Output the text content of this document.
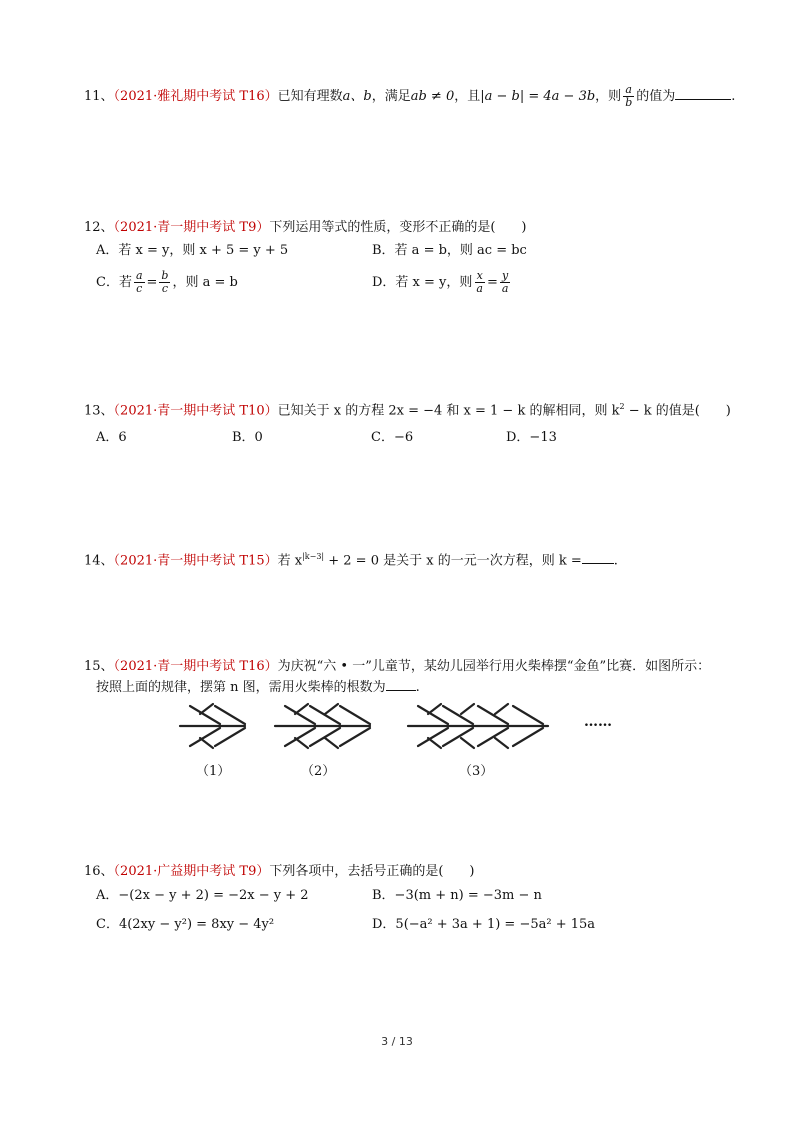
11、（2021·雅礼期中考试 T16）已知有理数a、b，满足ab ≠ 0，且|a − b| = 4a − 3b，则 $\frac{a}{b}$ 的值为	.
12、（2021·青一期中考试 T9）下列运用等式的性质，变形不正确的是(　　)
A．若 x = y，则 x + 5 = y + 5	B．若 a = b，则 ac = bc
C．若 $\frac{a}{c} = \frac{b}{c}$ ，则 a = b	D．若 x = y，则 $\frac{x}{a} = \frac{y}{a}$
13、（2021·青一期中考试 T10）已知关于 x 的方程 2x = −4 和 x = 1 − k 的解相同，则 $k^2 - k$ 的值是(　　)
A．6	B．0	C．−6	D．−13
14、（2021·青一期中考试 T15）若 $x^{|k-3|} + 2 = 0$ 是关于 x 的一元一次方程，则 k = .
15、（2021·青一期中考试 T16）为庆祝“六 • 一”儿童节，某幼儿园举行用火柴棒摆“金鱼”比赛．如图所示：
按照上面的规律，摆第 n 图，需用火柴棒的根数为 .
（1）	（2）	（3）
……
16、（2021·广益期中考试 T9）下列各项中，去括号正确的是(　　)
A．−(2x − y + 2) = −2x − y + 2	B．−3(m + n) = −3m − n
C．4(2xy − y²) = 8xy − 4y²	D．5(−a² + 3a + 1) = −5a² + 15a
3 / 13
